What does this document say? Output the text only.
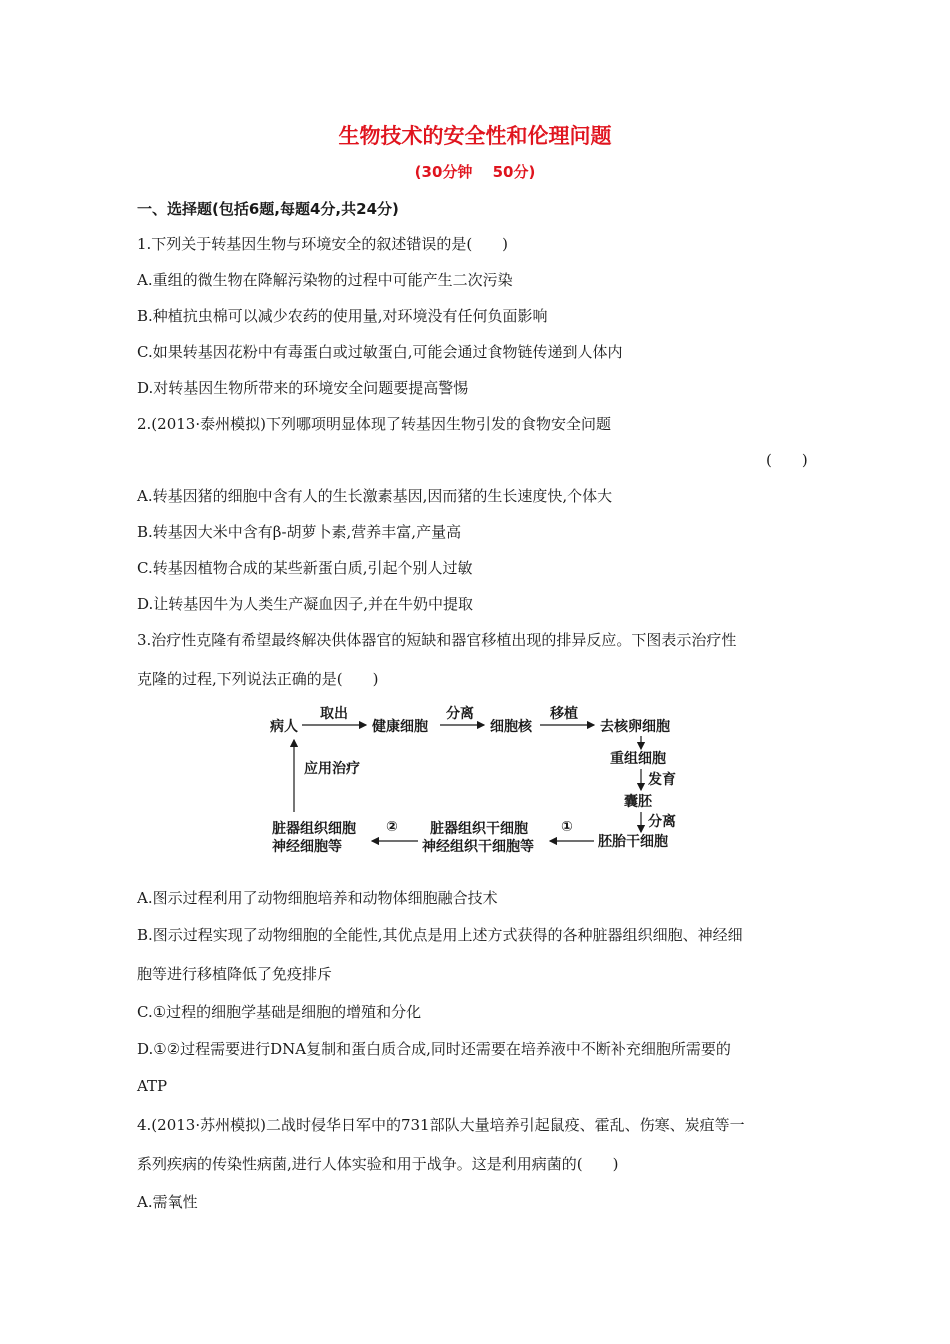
生物技术的安全性和伦理问题
(30分钟　 50分)
一、选择题(包括6题,每题4分,共24分)
1.下列关于转基因生物与环境安全的叙述错误的是(　　)
A.重组的微生物在降解污染物的过程中可能产生二次污染
B.种植抗虫棉可以减少农药的使用量,对环境没有任何负面影响
C.如果转基因花粉中有毒蛋白或过敏蛋白,可能会通过食物链传递到人体内
D.对转基因生物所带来的环境安全问题要提高警惕
2.(2013·泰州模拟)下列哪项明显体现了转基因生物引发的食物安全问题
(　　)
A.转基因猪的细胞中含有人的生长激素基因,因而猪的生长速度快,个体大
B.转基因大米中含有β-胡萝卜素,营养丰富,产量高
C.转基因植物合成的某些新蛋白质,引起个别人过敏
D.让转基因牛为人类生产凝血因子,并在牛奶中提取
3.治疗性克隆有希望最终解决供体器官的短缺和器官移植出现的排异反应。下图表示治疗性
克隆的过程,下列说法正确的是(　　)
病人	健康细胞	细胞核	去核卵细胞
取出	分离	移植
重组细胞
发育
囊胚
分离
胚胎干细胞
①
脏器组织干细胞
神经组织干细胞等
②
脏器组织细胞
神经细胞等
应用治疗
A.图示过程利用了动物细胞培养和动物体细胞融合技术
B.图示过程实现了动物细胞的全能性,其优点是用上述方式获得的各种脏器组织细胞、神经细
胞等进行移植降低了免疫排斥
C.①过程的细胞学基础是细胞的增殖和分化
D.①②过程需要进行DNA复制和蛋白质合成,同时还需要在培养液中不断补充细胞所需要的
ATP
4.(2013·苏州模拟)二战时侵华日军中的731部队大量培养引起鼠疫、霍乱、伤寒、炭疽等一
系列疾病的传染性病菌,进行人体实验和用于战争。这是利用病菌的(　　)
A.需氧性
